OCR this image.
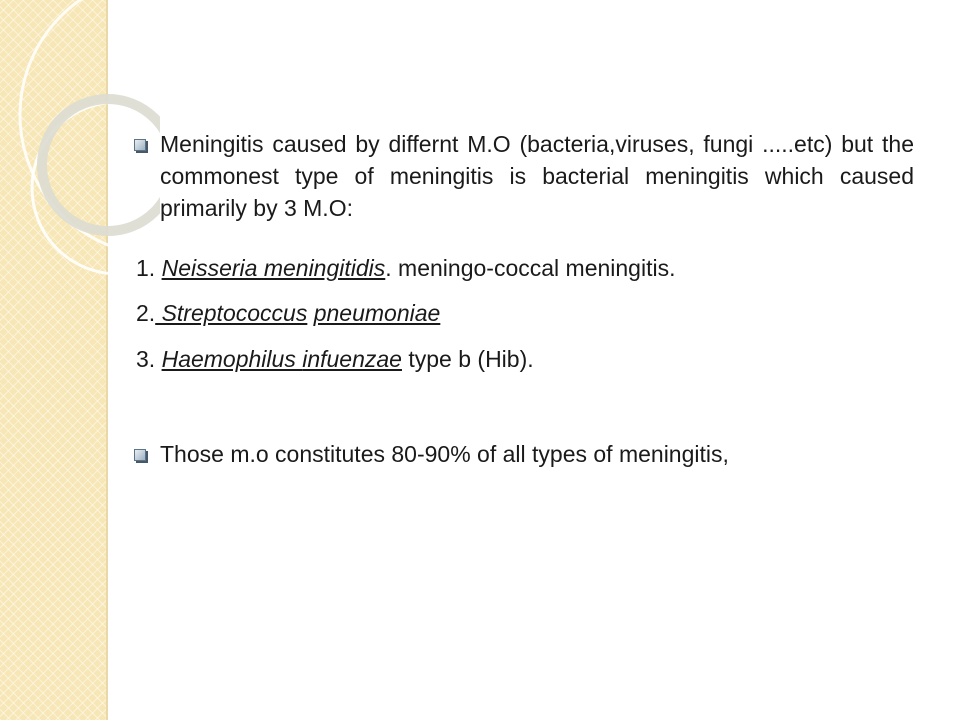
Meningitis caused by differnt M.O (bacteria,viruses, fungi .....etc) but the commonest type of meningitis is bacterial meningitis which caused primarily by 3 M.O:
1. Neisseria meningitidis. meningo-coccal meningitis.
2. Streptococcus pneumoniae
3. Haemophilus infuenzae type b (Hib).
Those m.o constitutes 80-90% of all types of meningitis,
